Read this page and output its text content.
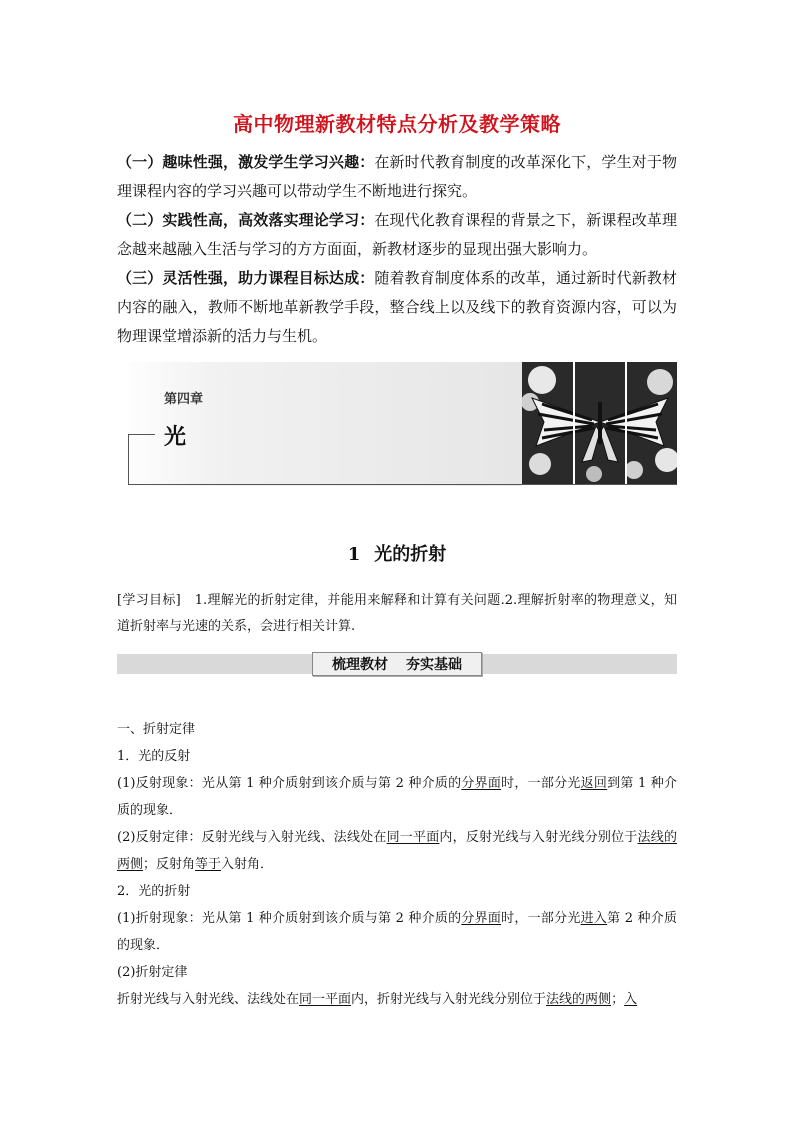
高中物理新教材特点分析及教学策略

（一）趣味性强，激发学生学习兴趣：在新时代教育制度的改革深化下，学生对于物理课程内容的学习兴趣可以带动学生不断地进行探究。

（二）实践性高，高效落实理论学习：在现代化教育课程的背景之下，新课程改革理念越来越融入生活与学习的方方面面，新教材逐步的显现出强大影响力。

（三）灵活性强，助力课程目标达成：随着教育制度体系的改革，通过新时代新教材内容的融入，教师不断地革新教学手段，整合线上以及线下的教育资源内容，可以为物理课堂增添新的活力与生机。

第四章
光
1 光的折射
[学习目标] 1.理解光的折射定律，并能用来解释和计算有关问题.2.理解折射率的物理意义，知道折射率与光速的关系，会进行相关计算.
梳理教材 夯实基础

一、折射定律

1．光的反射

(1)反射现象：光从第 1 种介质射到该介质与第 2 种介质的分界面时，一部分光返回到第 1 种介质的现象．

(2)反射定律：反射光线与入射光线、法线处在同一平面内，反射光线与入射光线分别位于法线的两侧；反射角等于入射角．

2．光的折射

(1)折射现象：光从第 1 种介质射到该介质与第 2 种介质的分界面时，一部分光进入第 2 种介质的现象．

(2)折射定律

折射光线与入射光线、法线处在同一平面内，折射光线与入射光线分别位于法线的两侧；入
